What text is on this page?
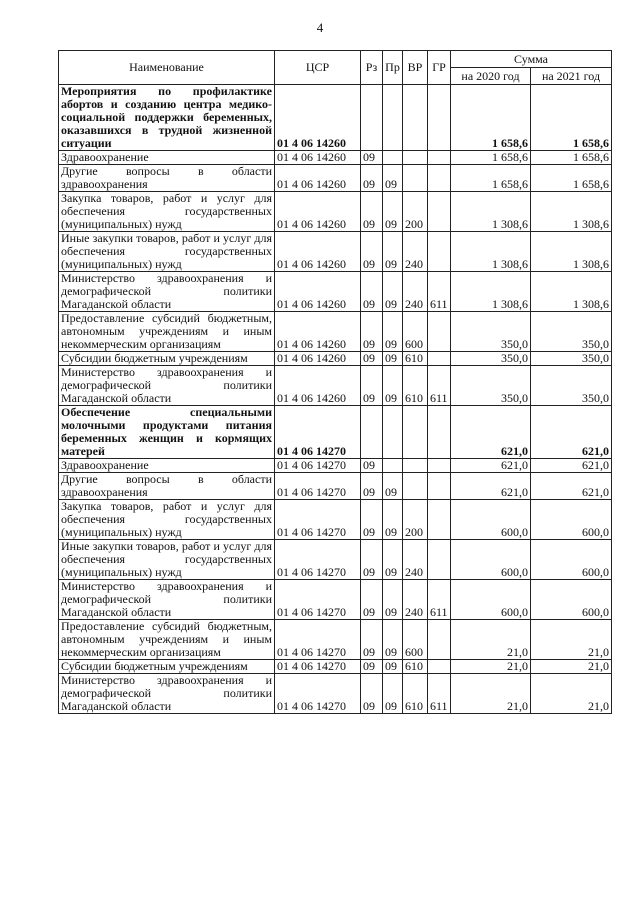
4
Наименование	ЦСР	Рз	Пр	ВР	ГР	Сумма	
						на 2020 год	на 2021 год
Мероприятия по профилактике абортов и созданию центра медико-социальной поддержки беременных, оказавшихся в трудной жизненной ситуации	01 4 06 14260					1 658,6	1 658,6
Здравоохранение	01 4 06 14260	09				1 658,6	1 658,6
Другие вопросы в области здравоохранения	01 4 06 14260	09	09			1 658,6	1 658,6
Закупка товаров, работ и услуг для обеспечения государственных (муниципальных) нужд	01 4 06 14260	09	09	200		1 308,6	1 308,6
Иные закупки товаров, работ и услуг для обеспечения государственных (муниципальных) нужд	01 4 06 14260	09	09	240		1 308,6	1 308,6
Министерство здравоохранения и демографической политики Магаданской области	01 4 06 14260	09	09	240	611	1 308,6	1 308,6
Предоставление субсидий бюджетным, автономным учреждениям и иным некоммерческим организациям	01 4 06 14260	09	09	600		350,0	350,0
Субсидии бюджетным учреждениям	01 4 06 14260	09	09	610		350,0	350,0
Министерство здравоохранения и демографической политики Магаданской области	01 4 06 14260	09	09	610	611	350,0	350,0
Обеспечение специальными молочными продуктами питания беременных женщин и кормящих матерей	01 4 06 14270					621,0	621,0
Здравоохранение	01 4 06 14270	09				621,0	621,0
Другие вопросы в области здравоохранения	01 4 06 14270	09	09			621,0	621,0
Закупка товаров, работ и услуг для обеспечения государственных (муниципальных) нужд	01 4 06 14270	09	09	200		600,0	600,0
Иные закупки товаров, работ и услуг для обеспечения государственных (муниципальных) нужд	01 4 06 14270	09	09	240		600,0	600,0
Министерство здравоохранения и демографической политики Магаданской области	01 4 06 14270	09	09	240	611	600,0	600,0
Предоставление субсидий бюджетным, автономным учреждениям и иным некоммерческим организациям	01 4 06 14270	09	09	600		21,0	21,0
Субсидии бюджетным учреждениям	01 4 06 14270	09	09	610		21,0	21,0
Министерство здравоохранения и демографической политики Магаданской области	01 4 06 14270	09	09	610	611	21,0	21,0
